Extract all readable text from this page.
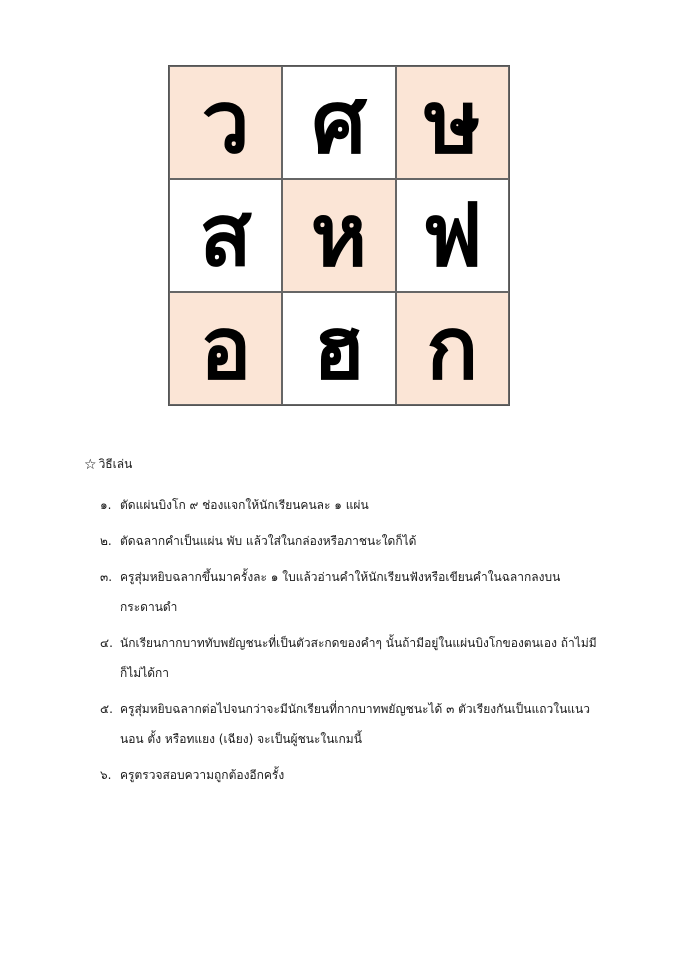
ว ศ ษ
ส ห ฟ
อ ฮ ก
☆ วิธีเล่น
๑. ตัดแผ่นบิงโก ๙ ช่องแจกให้นักเรียนคนละ ๑ แผ่น
๒. ตัดฉลากคำเป็นแผ่น พับ แล้วใส่ในกล่องหรือภาชนะใดก็ได้
๓. ครูสุ่มหยิบฉลากขึ้นมาครั้งละ ๑ ใบแล้วอ่านคำให้นักเรียนฟังหรือเขียนคำในฉลากลงบนกระดานดำ
๔. นักเรียนกากบาททับพยัญชนะที่เป็นตัวสะกดของคำๆ นั้นถ้ามีอยู่ในแผ่นบิงโกของตนเอง ถ้าไม่มีก็ไม่ได้กา
๕. ครูสุ่มหยิบฉลากต่อไปจนกว่าจะมีนักเรียนที่กากบาทพยัญชนะได้ ๓ ตัวเรียงกันเป็นแถวในแนวนอน ตั้ง หรือทแยง (เฉียง) จะเป็นผู้ชนะในเกมนี้
๖. ครูตรวจสอบความถูกต้องอีกครั้ง
